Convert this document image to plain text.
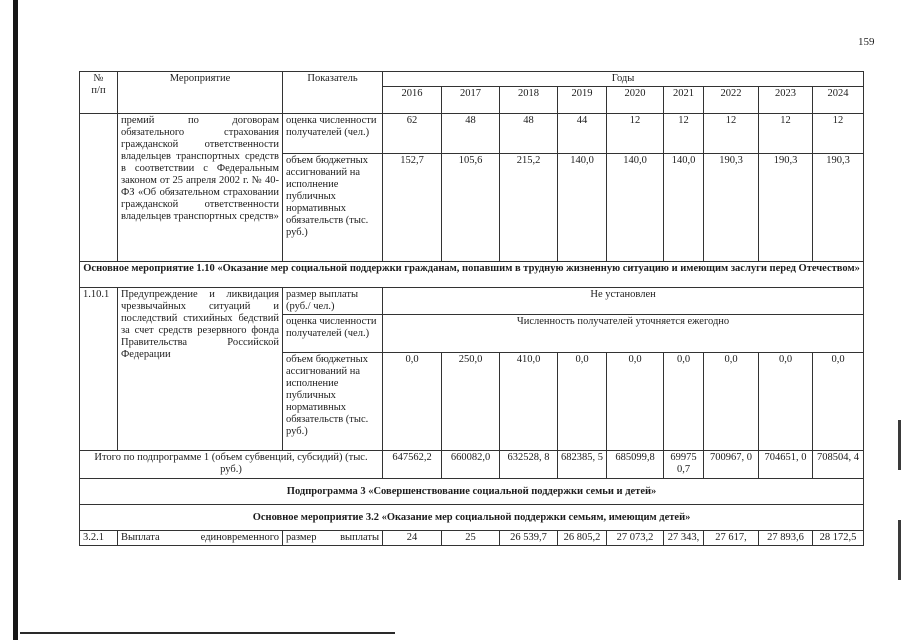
159
№
п/п	Мероприятие	Показатель	Годы								
			2016	2017	2018	2019	2020	2021	2022	2023	2024
	премий по договорам обязательного страхования гражданской ответственности владельцев транспортных средств в соответствии с Федеральным законом от 25 апреля 2002 г. № 40-ФЗ «Об обязательном страховании гражданской ответственности владельцев транспортных средств»	оценка численности получателей (чел.)	62	48	48	44	12	12	12	12	12
		объем бюджетных ассигнований на исполнение публичных нормативных обязательств (тыс. руб.)	152,7	105,6	215,2	140,0	140,0	140,0	190,3	190,3	190,3
Основное мероприятие 1.10 «Оказание мер социальной поддержки гражданам, попавшим в трудную жизненную ситуацию и имеющим заслуги перед Отечеством»											
1.10.1	Предупреждение и ликвидация чрезвычайных ситуаций и последствий стихийных бедствий за счет средств резервного фонда Правительства Российской Федерации	размер выплаты (руб./ чел.)	Не установлен								
		оценка численности получателей (чел.)	Численность получателей уточняется ежегодно								
		объем бюджетных ассигнований на исполнение публичных нормативных обязательств (тыс. руб.)	0,0	250,0	410,0	0,0	0,0	0,0	0,0	0,0	0,0
Итого по подпрограмме 1 (объем субвенций, субсидий) (тыс. руб.)			647562,2	660082,0	632528, 8	682385, 5	685099,8	69975 0,7	700967, 0	704651, 0	708504, 4
Подпрограмма 3 «Совершенствование социальной поддержки семьи и детей»											
Основное мероприятие 3.2 «Оказание мер социальной поддержки семьям, имеющим детей»											
3.2.1	Выплата единовременного	размер выплаты	24	25	26 539,7	26 805,2	27 073,2	27 343,	27 617,	27 893,6	28 172,5
